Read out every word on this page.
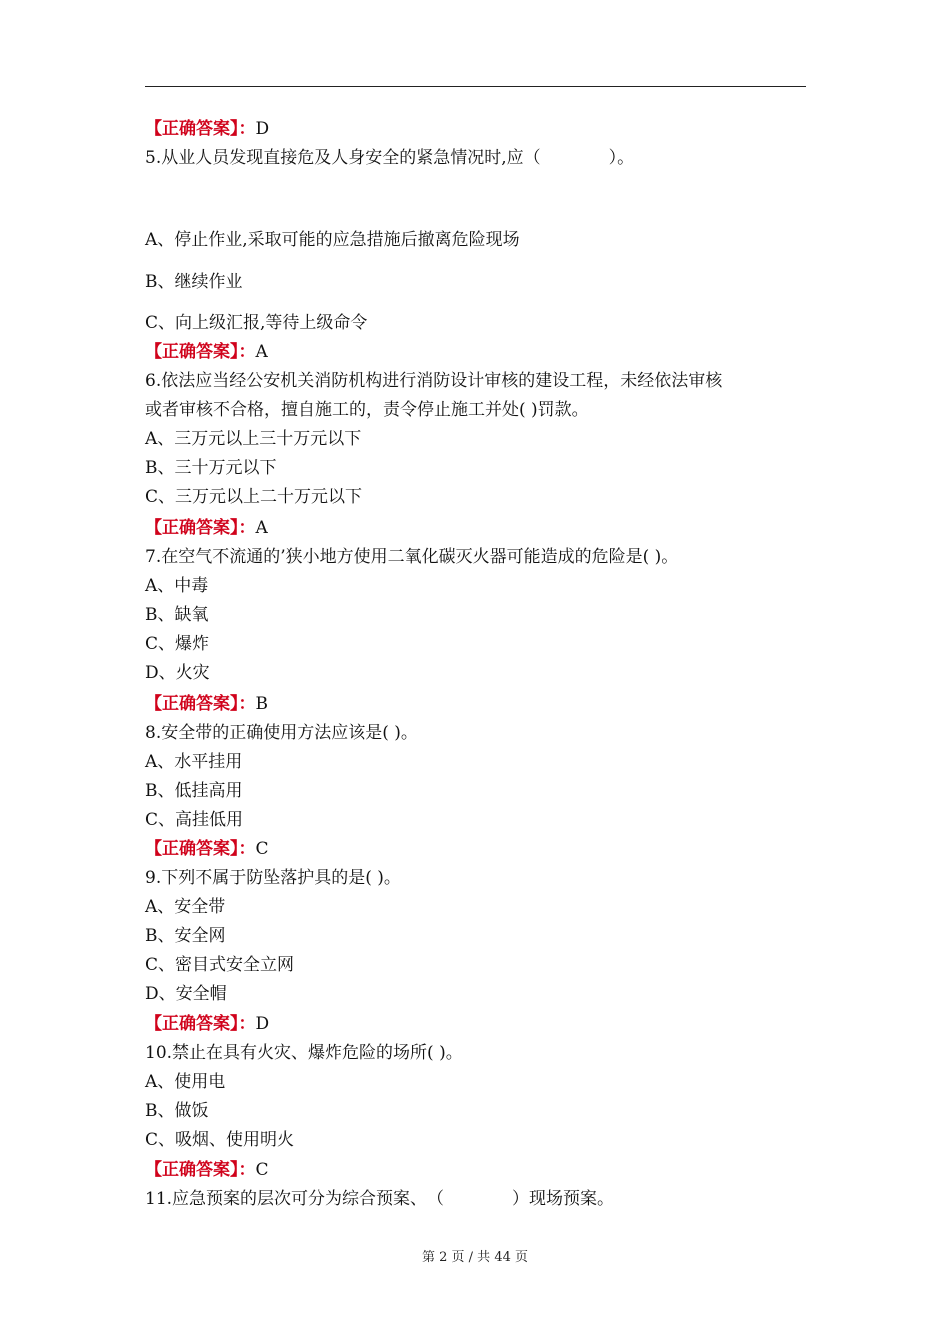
【正确答案】：D
5.从业人员发现直接危及人身安全的紧急情况时,应（　　　　）。
A、停止作业,采取可能的应急措施后撤离危险现场
B、继续作业
C、向上级汇报,等待上级命令
【正确答案】：A
6.依法应当经公安机关消防机构进行消防设计审核的建设工程，未经依法审核
或者审核不合格，擅自施工的，责令停止施工并处( )罚款。
A、三万元以上三十万元以下
B、三十万元以下
C、三万元以上二十万元以下
【正确答案】：A
7.在空气不流通的’狭小地方使用二氧化碳灭火器可能造成的危险是( )。
A、中毒
B、缺氧
C、爆炸
D、火灾
【正确答案】：B
8.安全带的正确使用方法应该是( )。
A、水平挂用
B、低挂高用
C、高挂低用
【正确答案】：C
9.下列不属于防坠落护具的是( )。
A、安全带
B、安全网
C、密目式安全立网
D、安全帽
【正确答案】：D
10.禁止在具有火灾、爆炸危险的场所( )。
A、使用电
B、做饭
C、吸烟、使用明火
【正确答案】：C
11.应急预案的层次可分为综合预案、　（　　　　）现场预案。
第 2 页 / 共 44 页
